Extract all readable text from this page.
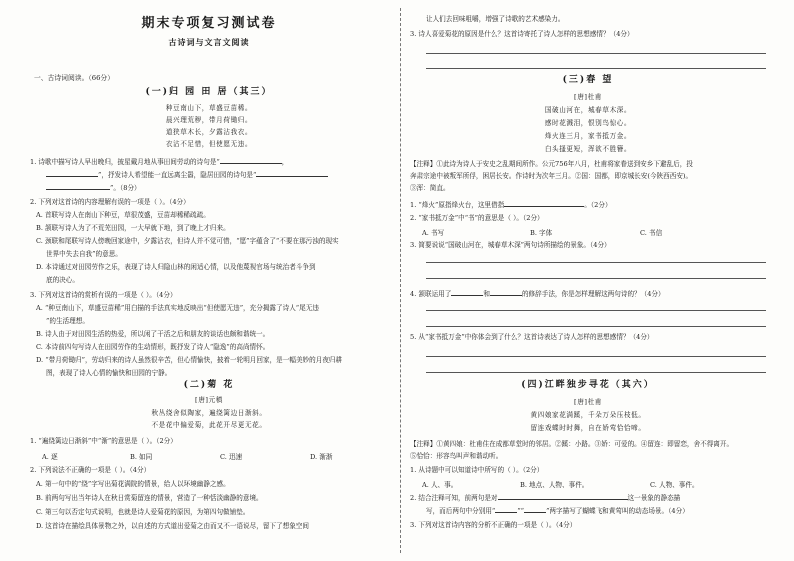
期末专项复习测试卷
古诗词与文言文阅读
一、古诗词阅读。（66分）
(一)归 园 田 居（其三）
种豆南山下，草盛豆苗稀。
晨兴理荒秽，带月荷锄归。
道狭草木长，夕露沾我衣。
衣沾不足惜，但使愿无违。
1. 诗歌中描写诗人早出晚归，披星戴月地从事田间劳动的诗句是“	，
”，抒发诗人希望能一直远离尘嚣，隐居田园的诗句是“
”。（8分）
2. 下列对这首诗的内容理解有误的一项是（ ）。（4分）
A. 首联写诗人在南山下种豆，草很茂盛，豆苗却稀稀疏疏。
B. 颔联写诗人为了不荒芜田园，一大早就下地，到了晚上才归来。
C. 颈联和尾联写诗人傍晚回家途中，夕露沾衣，但诗人并不觉可惜，“愿”字蕴含了“不要在那污浊的现实
世界中失去自我”的意思。
D. 本诗通过对田园劳作之乐，表现了诗人归隐山林的闲适心情，以及他蔑视官场与统治者斗争到
底的决心。
3. 下列对这首诗的赏析有误的一项是（ ）。（4分）
A. “种豆南山下，草盛豆苗稀”用白描的手法真实地反映出“但使愿无违”，充分揭露了诗人“尾无违
”的生活理想。
B. 诗人由于对田园生活的热爱，所以闲了干活之后和朋友的谈话也颇和谐统一。
C. 本诗前四句写诗人在田园劳作的生动情形，既抒发了诗人“隐逸”的高尚情怀。
D. “带月荷锄归”，劳动归来的诗人虽然很辛苦，但心情愉快，披着一轮明月回家，是一幅美妙的月夜归耕
图，表现了诗人心情的愉快和田园的宁静。
(二)菊 花
[唐]元稹
秋丛绕舍似陶家，遍绕篱边日渐斜。
不是花中偏爱菊，此花开尽更无花。
1. “遍绕篱边日渐斜”中“渐”的意思是（ ）。（2分）
A. 逐	B. 如同	C. 迅速	D. 渐渐
2. 下列说法不正确的一项是（ ）。（4分）
A. 第一句中的“绕”字写出菊花满院的情景，给人以环境幽静之感。
B. 前两句写出当年诗人在秋日赏菊留连的情景，营造了一种恬淡幽静的意境。
C. 第三句以否定句式说明，也就是诗人爱菊花的原因，为第四句做铺垫。
D. 这首诗在描绘具体景物之外，以自述的方式道出爱菊之由而又不一语说尽，留下了想象空间
让人们去回味咀嚼，增强了诗歌的艺术感染力。
3. 诗人喜爱菊花的原因是什么？这首诗寄托了诗人怎样的思想感情？（4分）
(三)春 望
[唐]杜甫
国破山河在，城春草木深。
感时花溅泪，恨别鸟惊心。
烽火连三月，家书抵万金。
白头搔更短，浑欲不胜簪。
【注释】①此诗为诗人于安史之乱期间所作。公元756年八月，杜甫将家眷送到安乡下避乱后，投
奔肃宗途中被叛军所俘，困居长安。作诗时为次年三月。②国：国都，即京城长安(今陕西西安)。
③浑：简直。
1. “烽火”原指烽火台，这里借指	。（2分）
2. “家书抵万金”中“书”的意思是（ ）。（2分）
A. 书写	B. 字体	C. 书信
3. 简要说说“国破山河在，城春草木深”两句诗所描绘的景象。（4分）
4. 颔联运用了	和	的修辞手法，你是怎样理解这两句诗的？（4分）
5. 从“家书抵万金”中你体会到了什么？这首诗表达了诗人怎样的思想感情？（4分）
(四)江畔独步寻花（其六）
[唐]杜甫
黄四娘家花满蹊，千朵万朵压枝低。
留连戏蝶时时舞，自在娇莺恰恰啼。
【注释】①黄四娘：杜甫住在成都草堂时的邻居。②蹊：小路。③娇：可爱的。④留连：即留恋，舍不得离开。
⑤恰恰：形容鸟叫声和谐动听。
1. 从诗题中可以知道诗中所写的（ ）。（2分）
A. 人、事。	B. 地点、人物、事件。	C. 人物、事件。
2. 结合注释可知，前两句是对	这一景象的静态描
写，而后两句中分别用“	”“	”两字描写了蝴蝶飞和黄莺叫的动态场景。（4分）
3. 下列对这首诗内容的分析不正确的一项是（ ）。（4分）
